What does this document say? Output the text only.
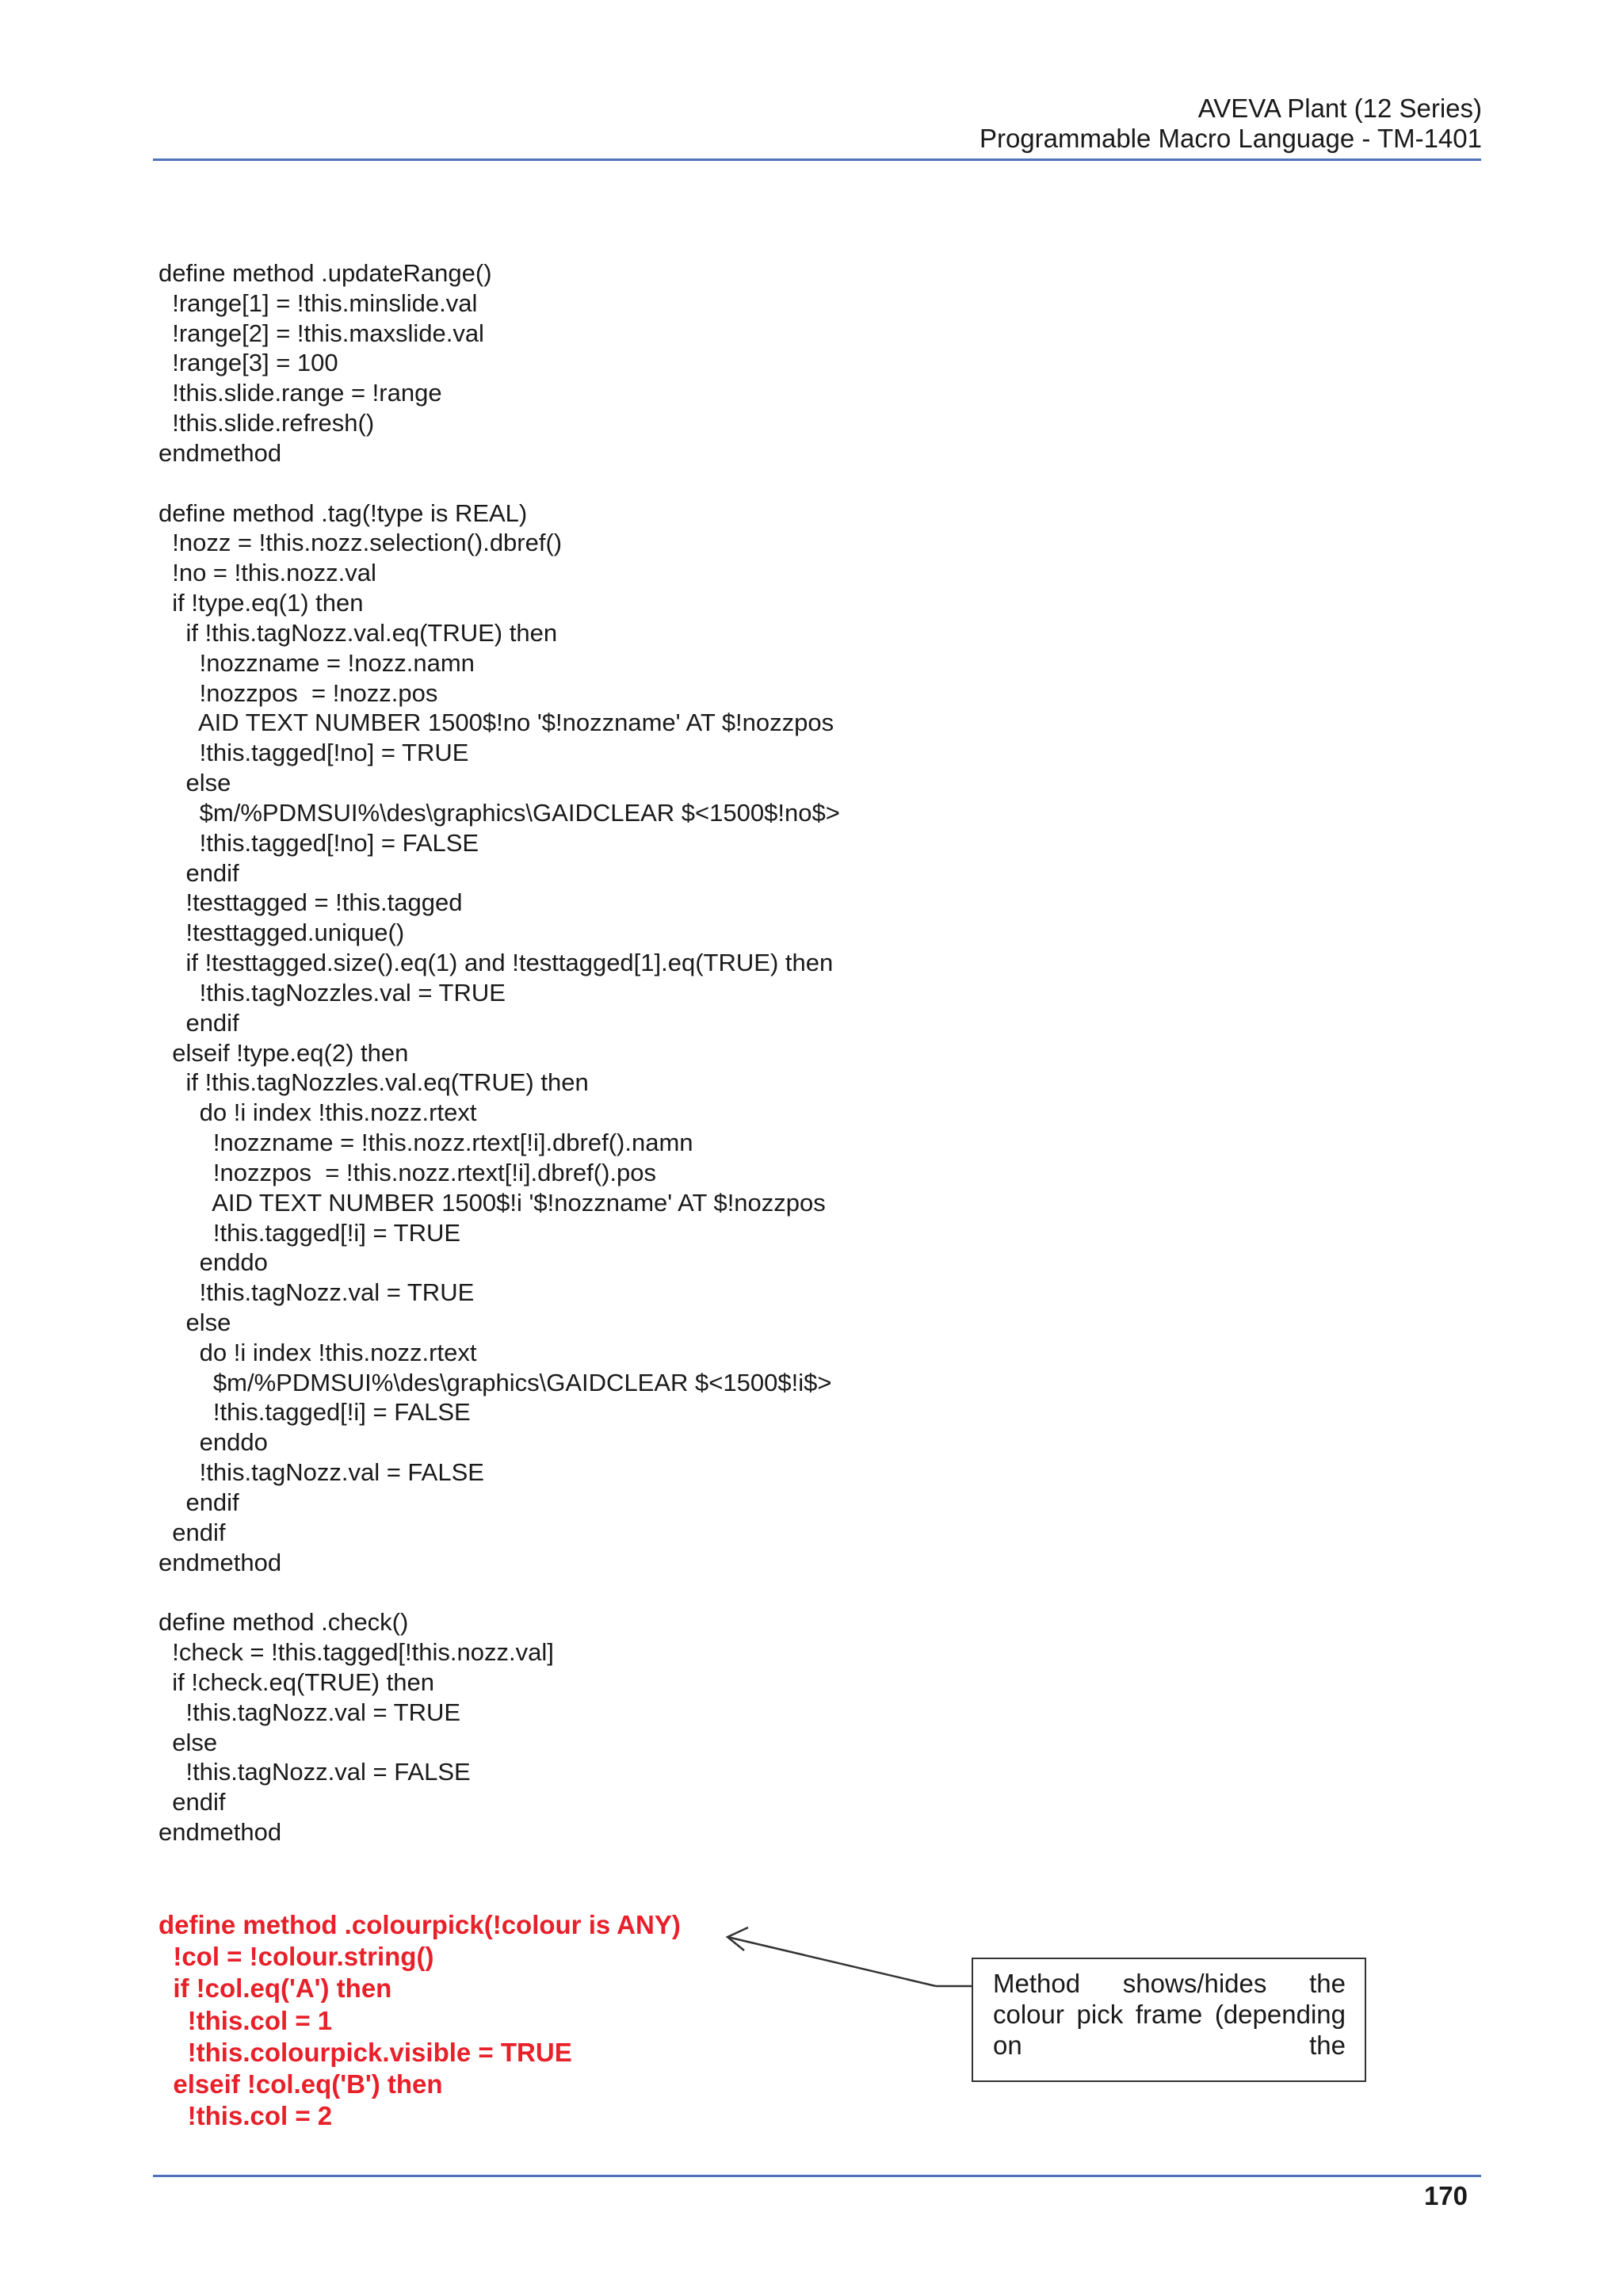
AVEVA Plant (12 Series)
Programmable Macro Language - TM-1401
define method .updateRange()
!range[1] = !this.minslide.val
!range[2] = !this.maxslide.val
!range[3] = 100
!this.slide.range = !range
!this.slide.refresh()
endmethod
define method .tag(!type is REAL)
!nozz = !this.nozz.selection().dbref()
!no = !this.nozz.val
if !type.eq(1) then
if !this.tagNozz.val.eq(TRUE) then
!nozzname = !nozz.namn
!nozzpos  = !nozz.pos
AID TEXT NUMBER 1500$!no '$!nozzname' AT $!nozzpos
!this.tagged[!no] = TRUE
else
$m/%PDMSUI%\des\graphics\GAIDCLEAR $<1500$!no$>
!this.tagged[!no] = FALSE
endif
!testtagged = !this.tagged
!testtagged.unique()
if !testtagged.size().eq(1) and !testtagged[1].eq(TRUE) then
!this.tagNozzles.val = TRUE
endif
elseif !type.eq(2) then
if !this.tagNozzles.val.eq(TRUE) then
do !i index !this.nozz.rtext
!nozzname = !this.nozz.rtext[!i].dbref().namn
!nozzpos  = !this.nozz.rtext[!i].dbref().pos
AID TEXT NUMBER 1500$!i '$!nozzname' AT $!nozzpos
!this.tagged[!i] = TRUE
enddo
!this.tagNozz.val = TRUE
else
do !i index !this.nozz.rtext
$m/%PDMSUI%\des\graphics\GAIDCLEAR $<1500$!i$>
!this.tagged[!i] = FALSE
enddo
!this.tagNozz.val = FALSE
endif
endif
endmethod
define method .check()
!check = !this.tagged[!this.nozz.val]
if !check.eq(TRUE) then
!this.tagNozz.val = TRUE
else
!this.tagNozz.val = FALSE
endif
endmethod
define method .colourpick(!colour is ANY)
!col = !colour.string()
if !col.eq('A') then
!this.col = 1
!this.colourpick.visible = TRUE
elseif !col.eq('B') then
!this.col = 2
Method shows/hides the colour pick frame (depending on the
170
